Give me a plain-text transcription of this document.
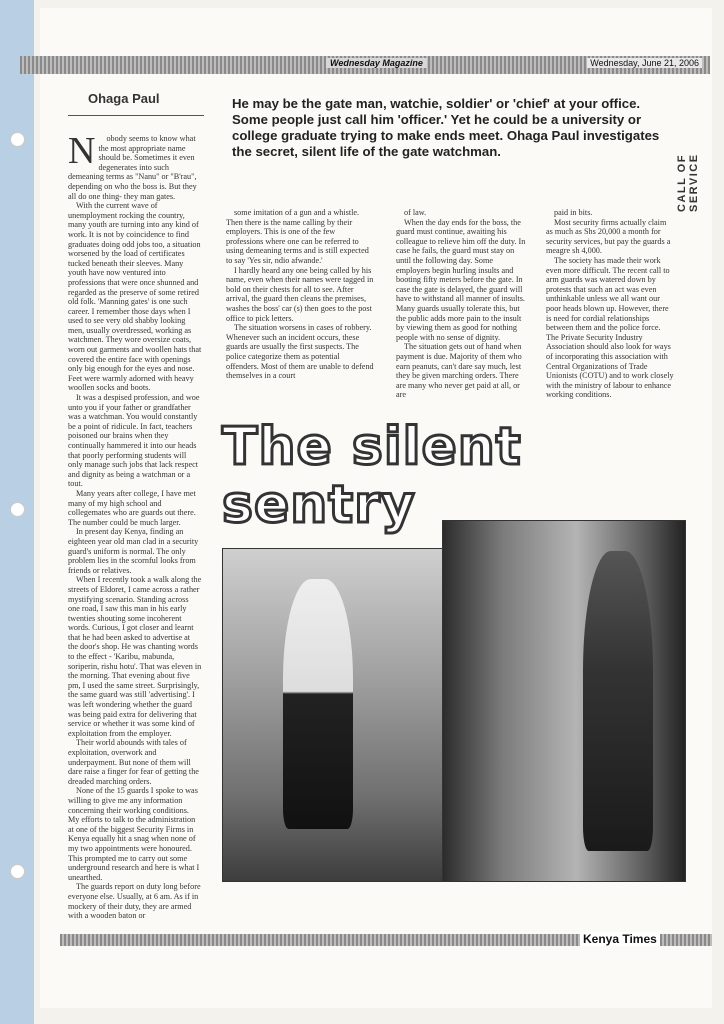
Wednesday Magazine	Wednesday, June 21, 2006
Ohaga Paul	He may be the gate man, watchie, soldier' or 'chief' at your office. Some people just call him 'officer.' Yet he could be a university or college graduate trying to make ends meet. Ohaga Paul investigates the secret, silent life of the gate watchman.
CALL OF SERVICE
N	obody seems to know what the most appropriate name should be. Sometimes it even degenerates into such demeaning terms as "Nanu" or "B'rau", depending on who the boss is. But they all do one thing- they man gates.

With the current wave of unemployment rocking the country, many youth are turning into any kind of work. It is not by coincidence to find graduates doing odd jobs too, a situation worsened by the load of certificates tucked beneath their sleeves. Many youth have now ventured into professions that were once shunned and regarded as the preserve of some retired old folk. 'Manning gates' is one such career. I remember those days when I used to see very old shabby looking men, usually overdressed, working as watchmen. They wore oversize coats, worn out garments and woollen hats that covered the entire face with openings only big enough for the eyes and nose. Feet were warmly adorned with heavy woollen socks and boots.

It was a despised profession, and woe unto you if your father or grandfather was a watchman. You would constantly be a point of ridicule. In fact, teachers poisoned our brains when they continually hammered it into our heads that poorly performing students will only manage such jobs that lack respect and dignity as being a watchman or a tout.

Many years after college, I have met many of my high school and collegemates who are guards out there. The number could be much larger.

In present day Kenya, finding an eighteen year old man clad in a security guard's uniform is normal. The only problem lies in the scornful looks from friends or relatives.

When I recently took a walk along the streets of Eldoret, I came across a rather mystifying scenario. Standing across one road, I saw this man in his early twenties shouting some incoherent words. Curious, I got closer and learnt that he had been asked to advertise at the door's shop. He was chanting words to the effect - 'Karibu, mabunda, soriperin, rishu hotu'. That was eleven in the morning. That evening about five pm, I used the same street. Surprisingly, the same guard was still 'advertising'. I was left wondering whether the guard was being paid extra for delivering that service or whether it was some kind of exploitation from the employer.

Their world abounds with tales of exploitation, overwork and underpayment. But none of them will dare raise a finger for fear of getting the dreaded marching orders.

None of the 15 guards I spoke to was willing to give me any information concerning their working conditions. My efforts to talk to the administration at one of the biggest Security Firms in Kenya equally hit a snag when none of my two appointments were honoured. This prompted me to carry out some underground research and here is what I unearthed.

The guards report on duty long before everyone else. Usually, at 6 am. As if in mockery of their duty, they are armed with a wooden baton or

some imitation of a gun and a whistle. Then there is the name calling by their employers. This is one of the few professions where one can be referred to using demeaning terms and is still expected to say 'Yes sir, ndio afwande.'

I hardly heard any one being called by his name, even when their names were tagged in bold on their chests for all to see. After arrival, the guard then cleans the premises, washes the boss' car (s) then goes to the post office to pick letters.

The situation worsens in cases of robbery. Whenever such an incident occurs, these guards are usually the first suspects. The police categorize them as potential offenders. Most of them are unable to defend themselves in a court

of law.

When the day ends for the boss, the guard must continue, awaiting his colleague to relieve him off the duty. In case he fails, the guard must stay on until the following day. Some employers begin hurling insults and booting fifty meters before the gate. In case the gate is delayed, the guard will have to withstand all manner of insults. Many guards usually tolerate this, but the public adds more pain to the insult by viewing them as good for nothing people with no sense of dignity.

The situation gets out of hand when payment is due. Majority of them who earn peanuts, can't dare say much, lest they be given marching orders. There are many who never get paid at all, or are

paid in bits.

Most security firms actually claim as much as Shs 20,000 a month for security services, but pay the guards a meagre sh 4,000.

The society has made their work even more difficult. The recent call to arm guards was watered down by protests that such an act was even unthinkable unless we all want our poor heads blown up. However, there is need for cordial relationships between them and the police force. The Private Security Industry Association should also look for ways of incorporating this association with Central Organizations of Trade Unionists (COTU) and to work closely with the ministry of labour to enhance working conditions.

The silent sentry
Kenya Times
